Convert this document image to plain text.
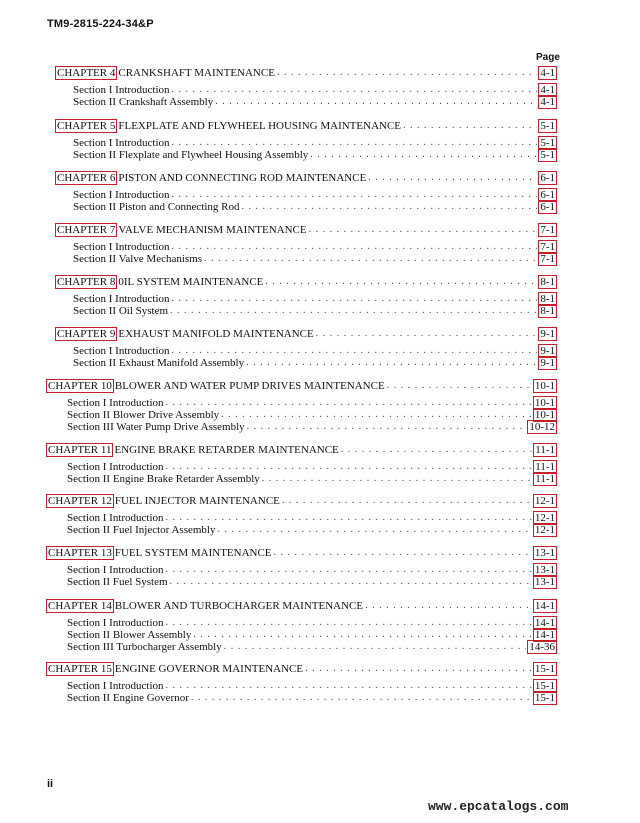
TM9-2815-224-34&P
Page
CHAPTER 4 CRANKSHAFT MAINTENANCE . . .	4-1
Section I Introduction . . .	4-1
Section II Crankshaft Assembly . . .	4-1
CHAPTER 5 FLEXPLATE AND FLYWHEEL HOUSING MAINTENANCE . . .	5-1
Section I Introduction . . .	5-1
Section II Flexplate and Flywheel Housing Assembly . . .	5-1
CHAPTER 6 PISTON AND CONNECTING ROD MAINTENANCE . . .	6-1
Section I Introduction . . .	6-1
Section II Piston and Connecting Rod . . .	6-1
CHAPTER 7 VALVE MECHANISM MAINTENANCE . . .	7-1
Section I Introduction . . .	7-1
Section II Valve Mechanisms . . .	7-1
CHAPTER 8 0IL SYSTEM MAINTENANCE . . .	8-1
Section I Introduction . . .	8-1
Section II Oil System . . .	8-1
CHAPTER 9 EXHAUST MANIFOLD MAINTENANCE . . .	9-1
Section I Introduction . . .	9-1
Section II Exhaust Manifold Assembly . . .	9-1
CHAPTER 10 BLOWER AND WATER PUMP DRIVES MAINTENANCE . . .	10-1
Section I Introduction . . .	10-1
Section II Blower Drive Assembly . . .	10-1
Section III Water Pump Drive Assembly . . .	10-12
CHAPTER 11 ENGINE BRAKE RETARDER MAINTENANCE . . .	11-1
Section I Introduction . . .	11-1
Section II Engine Brake Retarder Assembly . . .	11-1
CHAPTER 12 FUEL INJECTOR MAINTENANCE . . .	12-1
Section I Introduction . . .	12-1
Section II Fuel Injector Assembly . . .	12-1
CHAPTER 13 FUEL SYSTEM MAINTENANCE . . .	13-1
Section I Introduction . . .	13-1
Section II Fuel System . . .	13-1
CHAPTER 14 BLOWER AND TURBOCHARGER MAINTENANCE . . .	14-1
Section I Introduction . . .	14-1
Section II Blower Assembly . . .	14-1
Section III Turbocharger Assembly . . .	14-36
CHAPTER 15 ENGINE GOVERNOR MAINTENANCE . . .	15-1
Section I Introduction . . .	15-1
Section II Engine Governor . . .	15-1
ii
www.epcatalogs.com
